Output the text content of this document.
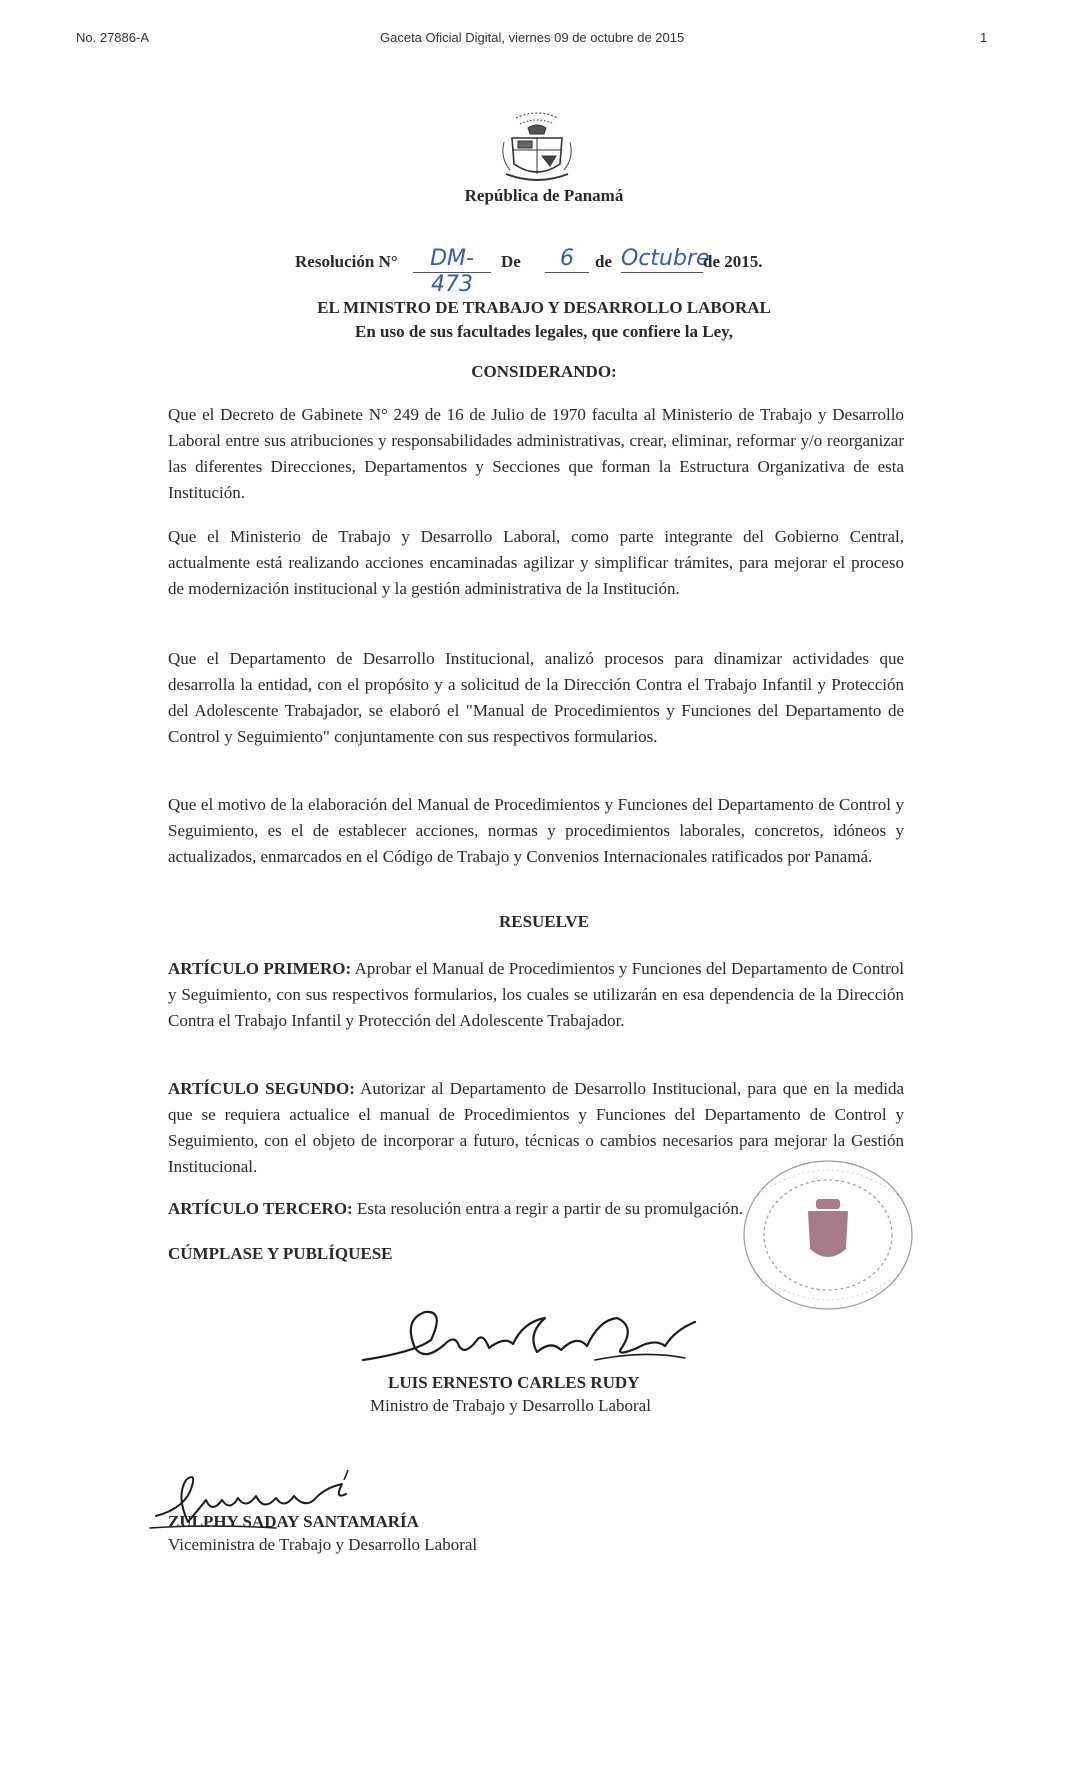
No. 27886-A	Gaceta Oficial Digital, viernes 09 de octubre de 2015	1
República de Panamá
Resolución N°	DM-473
De	6	de Octubre
de 2015.
EL MINISTRO DE TRABAJO Y DESARROLLO LABORAL
En uso de sus facultades legales, que confiere la Ley,
CONSIDERANDO:

Que el Decreto de Gabinete N° 249 de 16 de Julio de 1970 faculta al Ministerio de Trabajo y Desarrollo Laboral entre sus atribuciones y responsabilidades administrativas, crear, eliminar, reformar y/o reorganizar las diferentes Direcciones, Departamentos y Secciones que forman la Estructura Organizativa de esta Institución.

Que el Ministerio de Trabajo y Desarrollo Laboral, como parte integrante del Gobierno Central, actualmente está realizando acciones encaminadas agilizar y simplificar trámites, para mejorar el proceso de modernización institucional y la gestión administrativa de la Institución.

Que el Departamento de Desarrollo Institucional, analizó procesos para dinamizar actividades que desarrolla la entidad, con el propósito y a solicitud de la Dirección Contra el Trabajo Infantil y Protección del Adolescente Trabajador, se elaboró el "Manual de Procedimientos y Funciones del Departamento de Control y Seguimiento" conjuntamente con sus respectivos formularios.

Que el motivo de la elaboración del Manual de Procedimientos y Funciones del Departamento de Control y Seguimiento, es el de establecer acciones, normas y procedimientos laborales, concretos, idóneos y actualizados, enmarcados en el Código de Trabajo y Convenios Internacionales ratificados por Panamá.

RESUELVE

ARTÍCULO PRIMERO: Aprobar el Manual de Procedimientos y Funciones del Departamento de Control y Seguimiento, con sus respectivos formularios, los cuales se utilizarán en esa dependencia de la Dirección Contra el Trabajo Infantil y Protección del Adolescente Trabajador.

ARTÍCULO SEGUNDO: Autorizar al Departamento de Desarrollo Institucional, para que en la medida que se requiera actualice el manual de Procedimientos y Funciones del Departamento de Control y Seguimiento, con el objeto de incorporar a futuro, técnicas o cambios necesarios para mejorar la Gestión Institucional.

ARTÍCULO TERCERO: Esta resolución entra a regir a partir de su promulgación.

CÚMPLASE Y PUBLÍQUESE
LUIS ERNESTO CARLES RUDY
Ministro de Trabajo y Desarrollo Laboral
ZULPHY SADAY SANTAMARÍA
Viceministra de Trabajo y Desarrollo Laboral
